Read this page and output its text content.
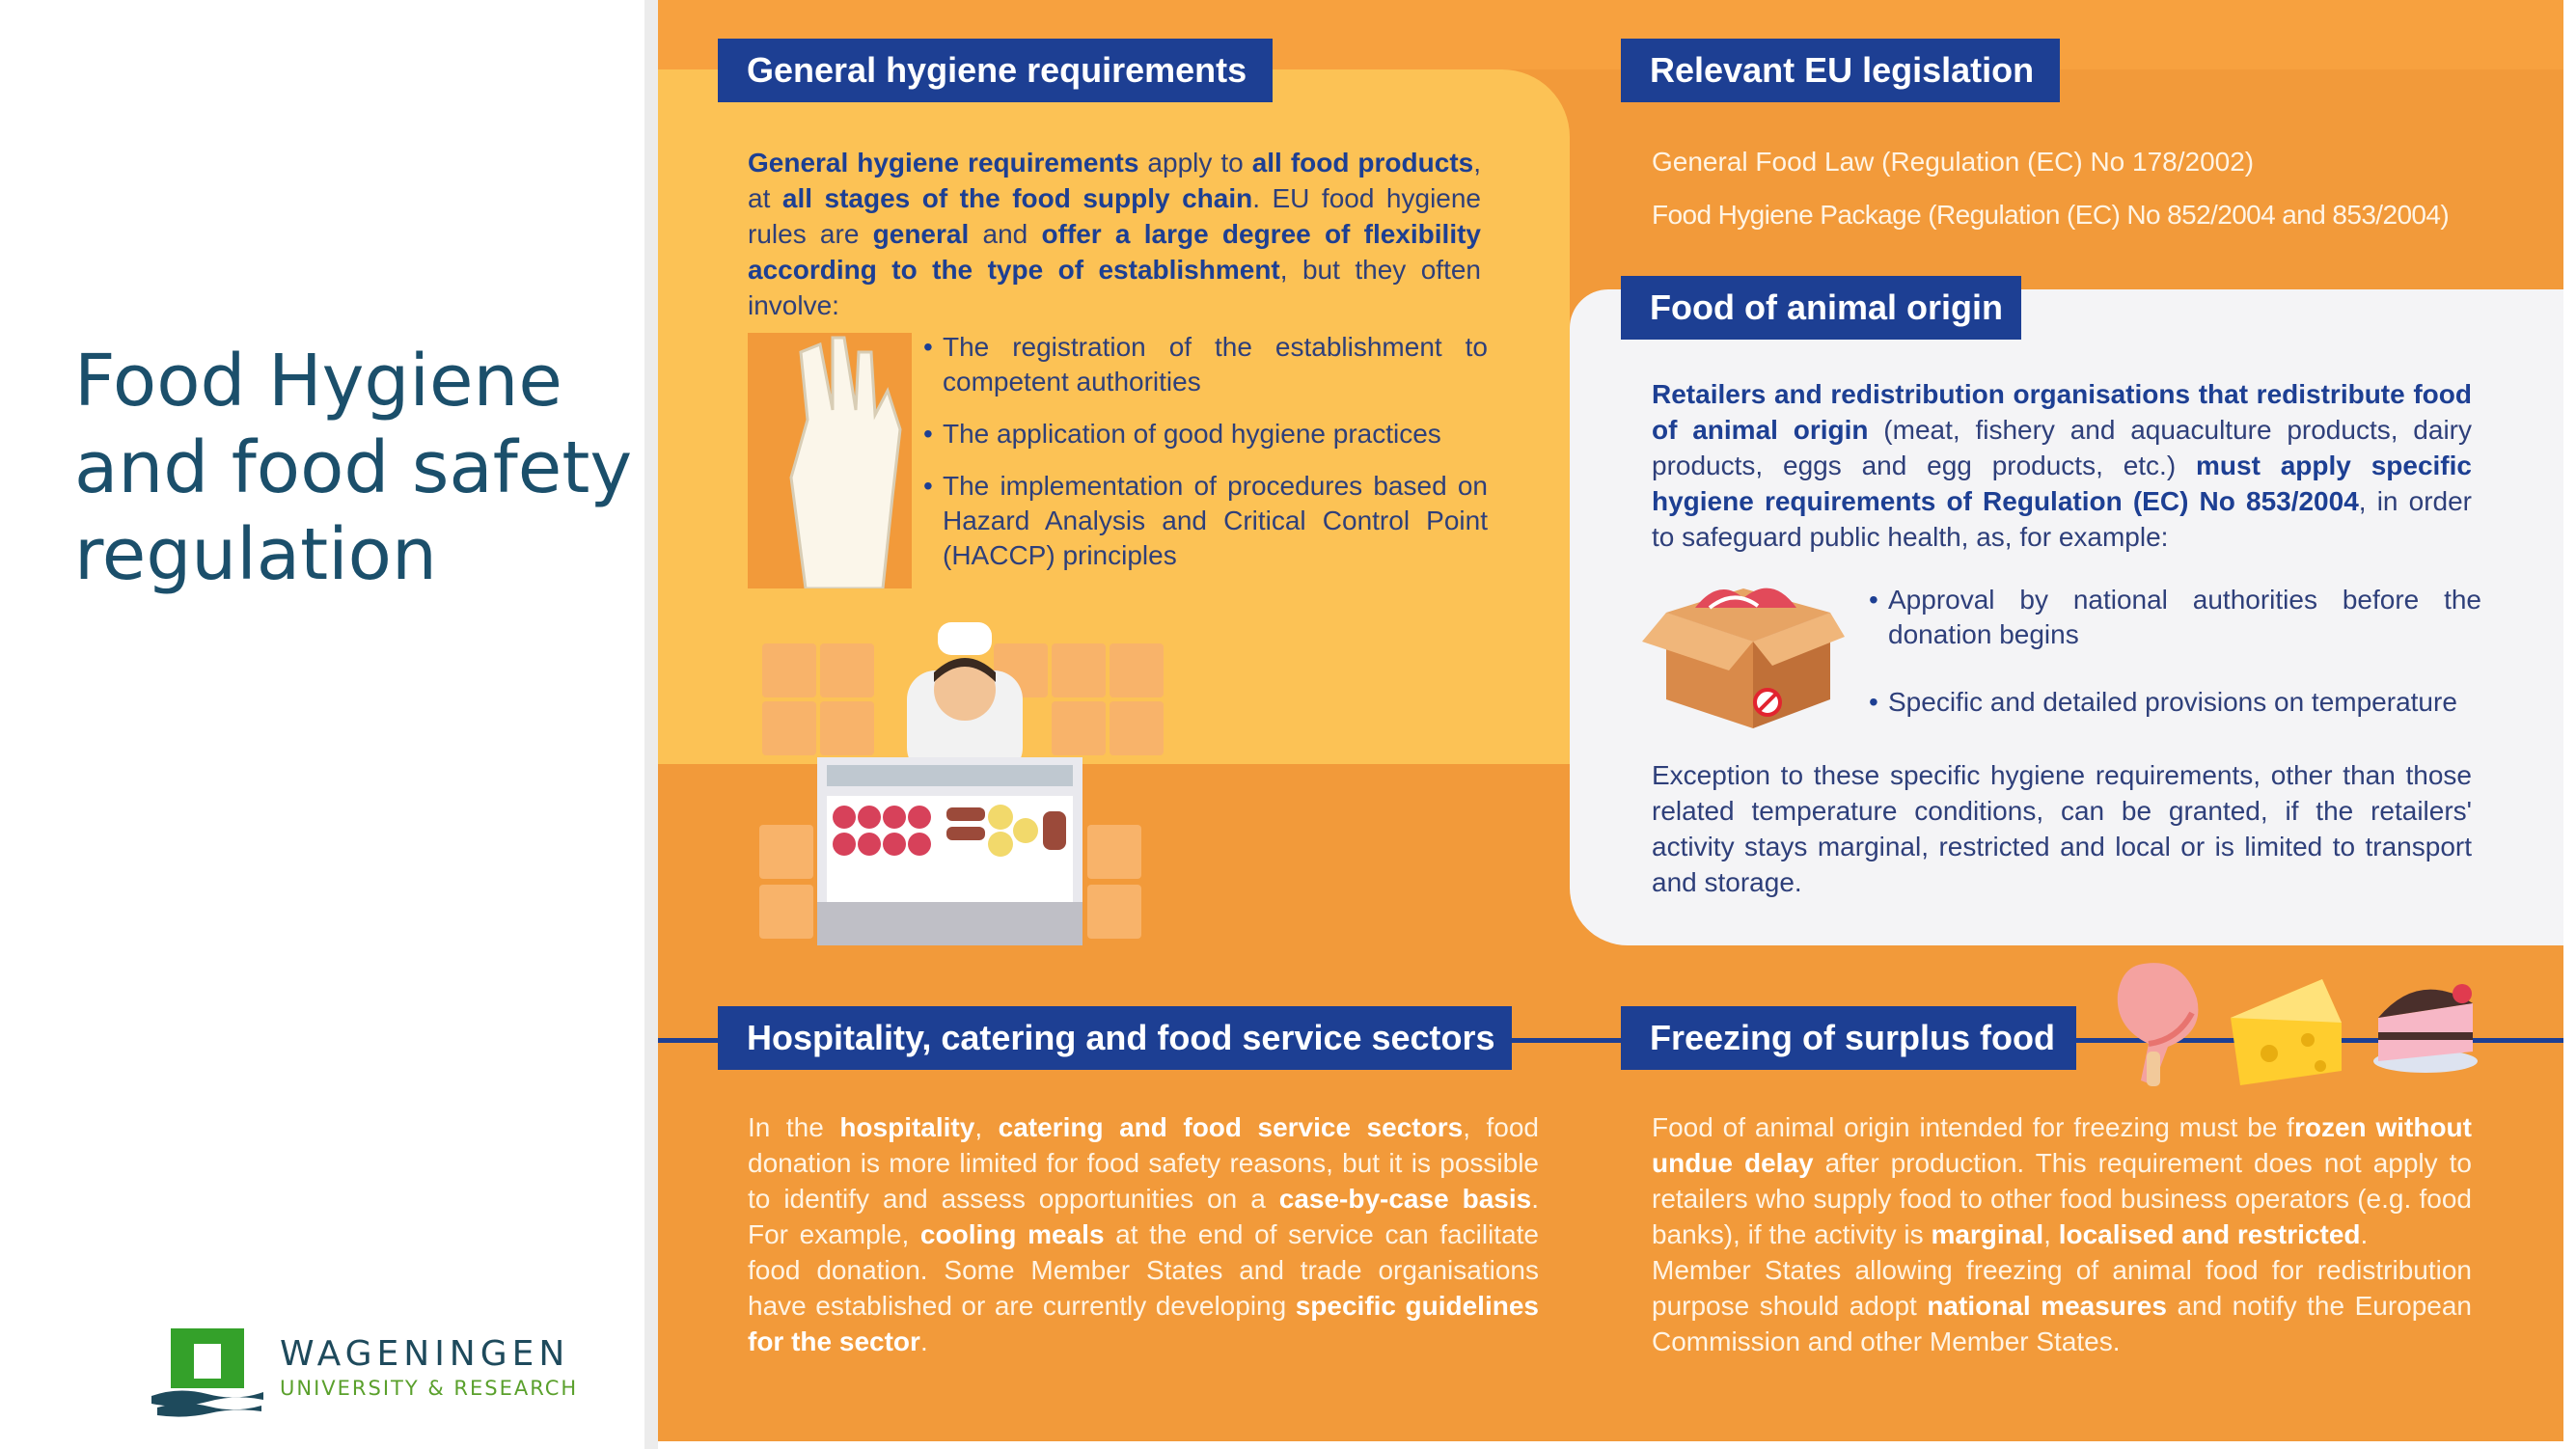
Food Hygiene
and food safety
regulation
WAGENINGEN
UNIVERSITY & RESEARCH
General hygiene requirements	Relevant EU legislation
Food of animal origin
Hospitality, catering and food service sectors	Freezing of surplus food

General hygiene requirements apply to all food products, at all stages of the food supply chain. EU food hygiene rules are general and offer a large degree of flexibility according to the type of establishment, but they often involve:

• The registration of the establishment to competent authorities
• The application of good hygiene practices
• The implementation of procedures based on Hazard Analysis and Critical Control Point (HACCP) principles
General Food Law (Regulation (EC) No 178/2002)
Food Hygiene Package (Regulation (EC) No 852/2004 and 853/2004)

Retailers and redistribution organisations that redistribute food of animal origin (meat, fishery and aquaculture products, dairy products, eggs and egg products, etc.) must apply specific hygiene requirements of Regulation (EC) No 853/2004, in order to safeguard public health, as, for example:

• Approval by national authorities before the donation begins
• Specific and detailed provisions on temperature

Exception to these specific hygiene requirements, other than those related temperature conditions, can be granted, if the retailers' activity stays marginal, restricted and local or is limited to transport and storage.

In the hospitality, catering and food service sectors, food donation is more limited for food safety reasons, but it is possible to identify and assess opportunities on a case-by-case basis. For example, cooling meals at the end of service can facilitate food donation. Some Member States and trade organisations have established or are currently developing specific guidelines for the sector.

Food of animal origin intended for freezing must be frozen without undue delay after production. This requirement does not apply to retailers who supply food to other food business operators (e.g. food banks), if the activity is marginal, localised and restricted.
Member States allowing freezing of animal food for redistribution purpose should adopt national measures and notify the European Commission and other Member States.
